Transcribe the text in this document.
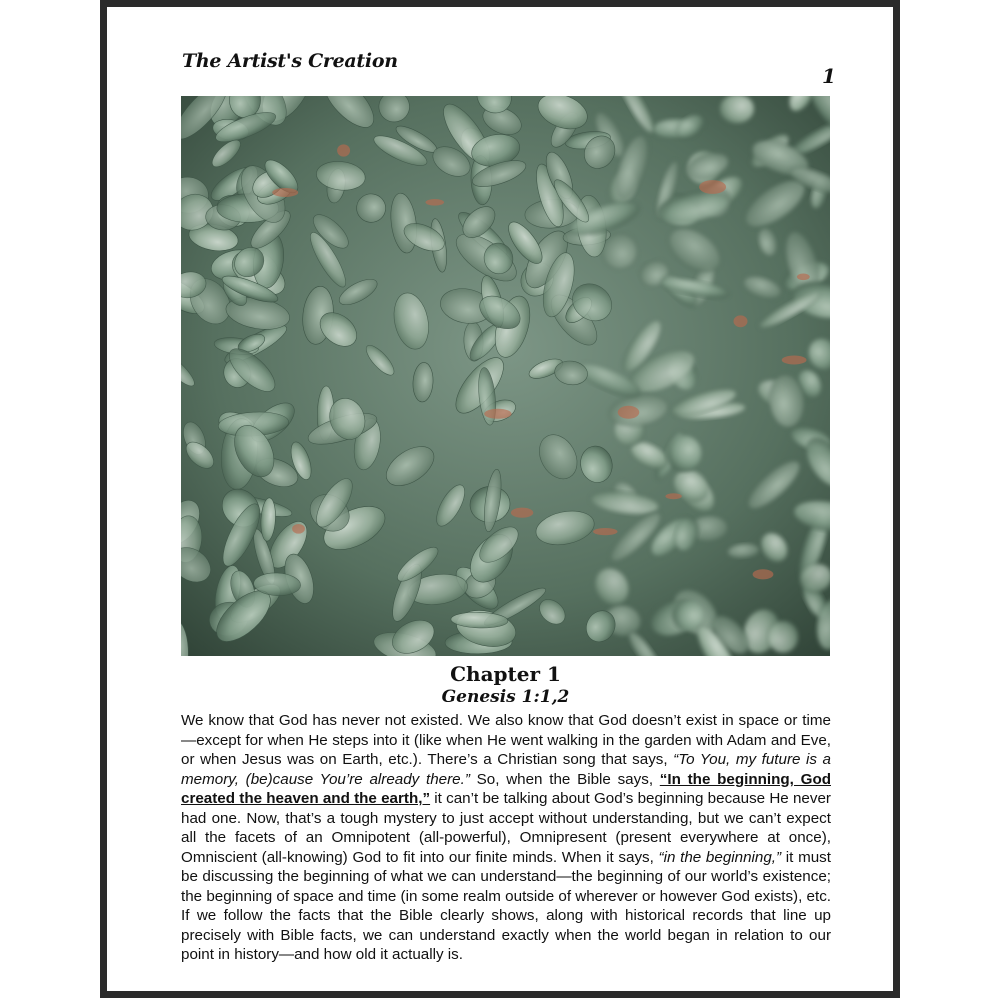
The Artist's Creation
1
Chapter 1
Genesis 1:1,2
We know that God has never not existed. We also know that God doesn’t exist in space or time—except for when He steps into it (like when He went walking in the garden with Adam and Eve, or when Jesus was on Earth, etc.). There’s a Christian song that says, “To You, my future is a memory, (be)cause You’re already there.” So, when the Bible says, “In the beginning, God created the heaven and the earth,” it can’t be talking about God’s beginning because He never had one. Now, that’s a tough mystery to just accept without understanding, but we can’t expect all the facets of an Omnipotent (all-powerful), Omnipresent (present everywhere at once), Omniscient (all-knowing) God to fit into our finite minds. When it says, “in the beginning,” it must be discussing the beginning of what we can understand—the beginning of our world’s existence; the beginning of space and time (in some realm outside of wherever or however God exists), etc. If we follow the facts that the Bible clearly shows, along with historical records that line up precisely with Bible facts, we can understand exactly when the world began in relation to our point in history—and how old it actually is.
